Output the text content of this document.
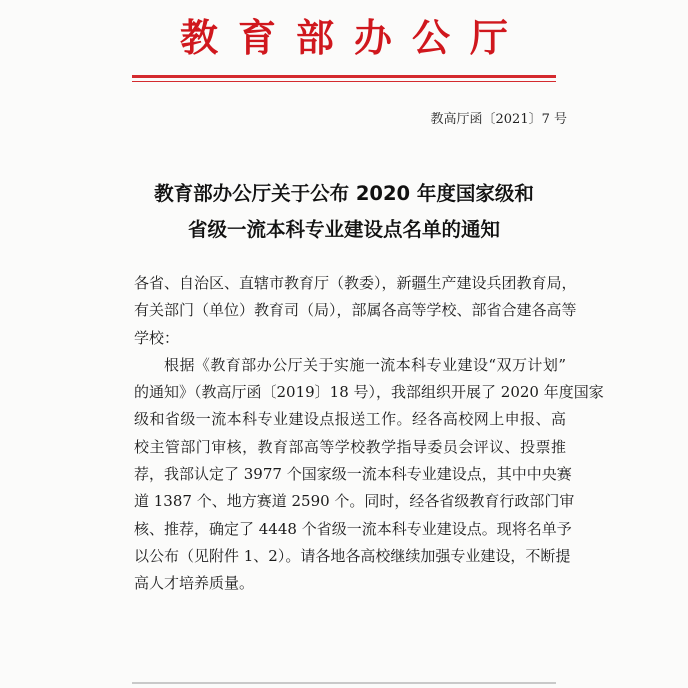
教育部办公厅
教高厅函〔2021〕7 号
教育部办公厅关于公布 2020 年度国家级和
省级一流本科专业建设点名单的通知
各省、自治区、直辖市教育厅（教委），新疆生产建设兵团教育局，
有关部门（单位）教育司（局），部属各高等学校、部省合建各高等
学校：
根据《教育部办公厅关于实施一流本科专业建设“双万计划”
的通知》（教高厅函〔2019〕18 号），我部组织开展了 2020 年度国家
级和省级一流本科专业建设点报送工作。经各高校网上申报、高
校主管部门审核，教育部高等学校教学指导委员会评议、投票推
荐，我部认定了 3977 个国家级一流本科专业建设点，其中中央赛
道 1387 个、地方赛道 2590 个。同时，经各省级教育行政部门审
核、推荐，确定了 4448 个省级一流本科专业建设点。现将名单予
以公布（见附件 1、2）。请各地各高校继续加强专业建设，不断提
高人才培养质量。
